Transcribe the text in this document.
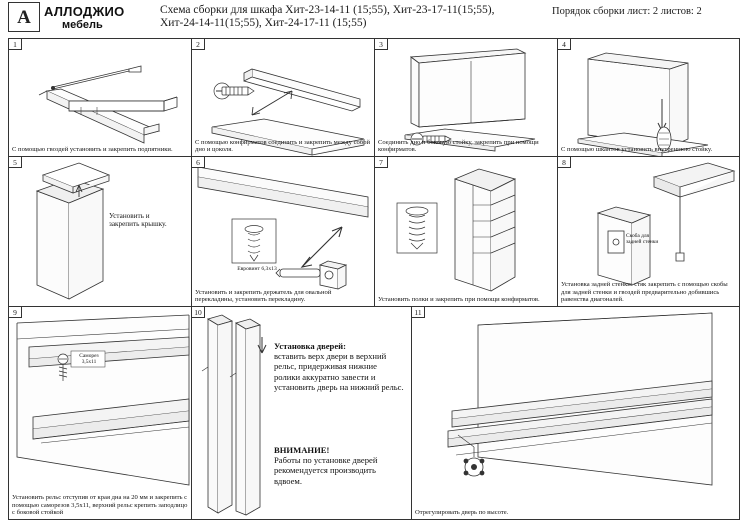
A АЛЛОДЖИО
мебель
Схема сборки для шкафа Хит-23-14-11 (15;55), Хит-23-17-11(15;55),
Хит-24-14-11(15;55), Хит-24-17-11 (15;55)
Порядок сборки лист: 2 листов: 2
1
С помощью гвоздей установить и закрепить подпятники.
2
С помощью конфирматов соединить и закрепить между собой дно и цоколя.
3
Соединить дно и боковую стойку, закрепить при помощи конфирматов.
4
С помощью шкантов установить внутреннюю стойку.
5
Установить и закрепить крышку.
6
Евровинт 6,3х13
Установить и закрепить держатель для овальной перекладины, установить перекладину.
7
Установить полки и закрепить при помощи конфирматов.
8
Скоба для задней стенки
Установка задней стенки: стяк закрепить с помощью скобы для задней стенки и гвоздей предварительно добившись равенства диагоналей.
9
Саморез 3,5х11
Установить рельс отступив от края дна на 20 мм и закрепить с помощью саморезов 3,5х11, верхний рельс крепить заподлицо с боковой стойкой
10
Установка дверей:
вставить верх двери в верхний рельс, придерживая нижние ролики аккуратно завести и установить дверь на нижний рельс.
ВНИМАНИЕ!
Работы по установке дверей рекомендуется производить вдвоем.
11
Отрегулировать дверь по высоте.
